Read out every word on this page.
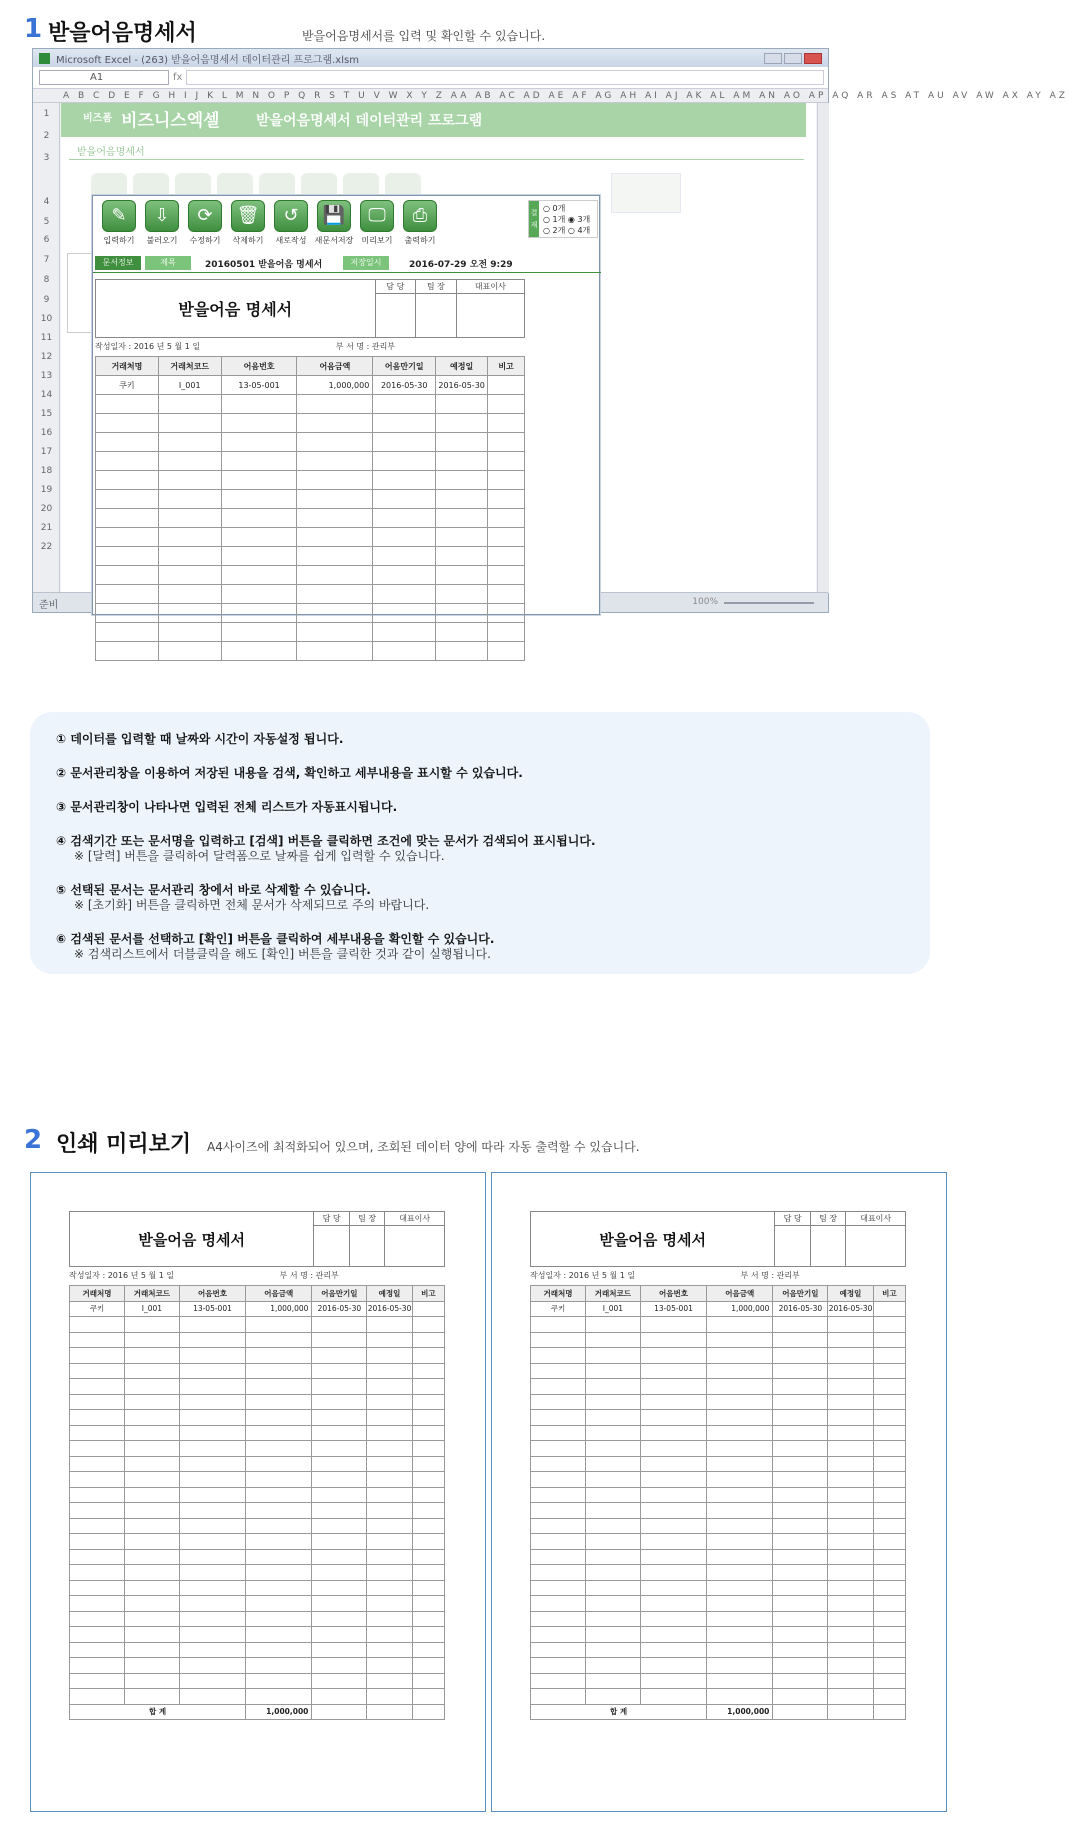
1 받을어음명세서	받을어음명세서를 입력 및 확인할 수 있습니다.
Microsoft Excel - (263) 받을어음명세서 데이터관리 프로그램.xlsm
A1	fx
A B C D E F G H I J K L M N O P Q R S T U V W X Y Z AA AB AC AD AE AF AG AH AI AJ AK AL AM AN AO AP AQ AR AS AT AU AV AW AX AY AZ
1
2
3
4
5
6
7
8
9
10
11
12
13
14
15
16
17
18
19
20
21
22
비즈폼 비즈니스엑셀	받을어음명세서 데이터관리 프로그램
받을어음명세서
준비	100%
✎
입력하기
⇩
불러오기
⟳
수정하기
🗑
삭제하기
↺
새로작성
💾
새문서저장
🖵
미리보기
⎙
출력하기
결재
○ 0개
○ 1개 ◉ 3개
○ 2개 ○ 4개
문서정보	제목	20160501 받을어음 명세서	저장일시	2016-07-29 오전 9:29
받을어음 명세서	담 당	팀 장	대표이사

작성일자 : 2016 년 5 월 1 일	부 서 명 : 관리부
거래처명	거래처코드	어음번호	어음금액	어음만기일	예정일	비고
쿠키	I_001	13-05-001	1,000,000	2016-05-30	2016-05-30	

① 데이터를 입력할 때 날짜와 시간이 자동설정 됩니다.
② 문서관리창을 이용하여 저장된 내용을 검색, 확인하고 세부내용을 표시할 수 있습니다.
③ 문서관리창이 나타나면 입력된 전체 리스트가 자동표시됩니다.
④ 검색기간 또는 문서명을 입력하고 [검색] 버튼을 클릭하면 조건에 맞는 문서가 검색되어 표시됩니다.
※ [달력] 버튼을 클릭하여 달력폼으로 날짜를 쉽게 입력할 수 있습니다.
⑤ 선택된 문서는 문서관리 창에서 바로 삭제할 수 있습니다.
※ [초기화] 버튼을 클릭하면 전체 문서가 삭제되므로 주의 바랍니다.
⑥ 검색된 문서를 선택하고 [확인] 버튼을 클릭하여 세부내용을 확인할 수 있습니다.
※ 검색리스트에서 더블클릭을 해도 [확인] 버튼을 클릭한 것과 같이 실행됩니다.
2 인쇄 미리보기 A4사이즈에 최적화되어 있으며, 조회된 데이터 양에 따라 자동 출력할 수 있습니다.
받을어음 명세서	담 당	팀 장	대표이사

작성일자 : 2016 년 5 월 1 일	부 서 명 : 관리부
거래처명	거래처코드	어음번호	어음금액	어음만기일	예정일	비고
쿠키	I_001	13-05-001	1,000,000	2016-05-30	2016-05-30	

합 계			1,000,000			
받을어음 명세서	담 당	팀 장	대표이사

작성일자 : 2016 년 5 월 1 일	부 서 명 : 관리부
거래처명	거래처코드	어음번호	어음금액	어음만기일	예정일	비고
쿠키	I_001	13-05-001	1,000,000	2016-05-30	2016-05-30	

합 계			1,000,000			
